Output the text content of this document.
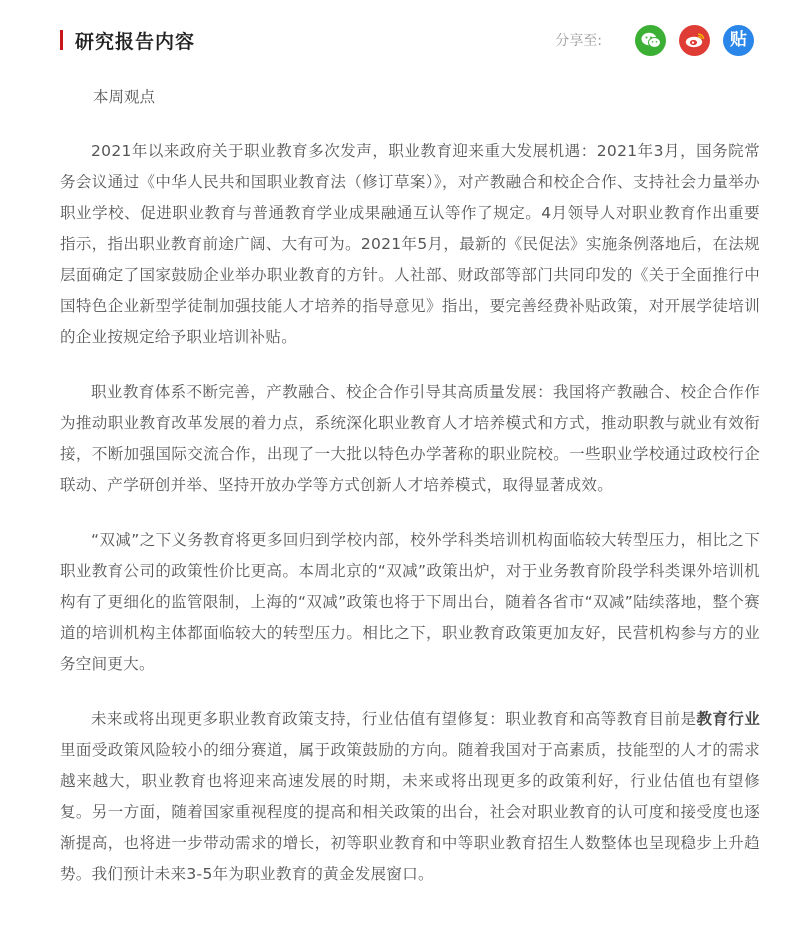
研究报告内容	分享至:	贴

本周观点

2021年以来政府关于职业教育多次发声，职业教育迎来重大发展机遇：2021年3月，国务院常务会议通过《中华人民共和国职业教育法（修订草案）》，对产教融合和校企合作、支持社会力量举办职业学校、促进职业教育与普通教育学业成果融通互认等作了规定。4月领导人对职业教育作出重要指示，指出职业教育前途广阔、大有可为。2021年5月，最新的《民促法》实施条例落地后，在法规层面确定了国家鼓励企业举办职业教育的方针。人社部、财政部等部门共同印发的《关于全面推行中国特色企业新型学徒制加强技能人才培养的指导意见》指出，要完善经费补贴政策，对开展学徒培训的企业按规定给予职业培训补贴。

职业教育体系不断完善，产教融合、校企合作引导其高质量发展：我国将产教融合、校企合作作为推动职业教育改革发展的着力点，系统深化职业教育人才培养模式和方式，推动职教与就业有效衔接，不断加强国际交流合作，出现了一大批以特色办学著称的职业院校。一些职业学校通过政校行企联动、产学研创并举、坚持开放办学等方式创新人才培养模式，取得显著成效。

“双减”之下义务教育将更多回归到学校内部，校外学科类培训机构面临较大转型压力，相比之下职业教育公司的政策性价比更高。本周北京的“双减”政策出炉，对于业务教育阶段学科类课外培训机构有了更细化的监管限制，上海的“双减”政策也将于下周出台，随着各省市“双减”陆续落地，整个赛道的培训机构主体都面临较大的转型压力。相比之下，职业教育政策更加友好，民营机构参与方的业务空间更大。

未来或将出现更多职业教育政策支持，行业估值有望修复：职业教育和高等教育目前是教育行业里面受政策风险较小的细分赛道，属于政策鼓励的方向。随着我国对于高素质，技能型的人才的需求越来越大，职业教育也将迎来高速发展的时期，未来或将出现更多的政策利好，行业估值也有望修复。另一方面，随着国家重视程度的提高和相关政策的出台，社会对职业教育的认可度和接受度也逐渐提高，也将进一步带动需求的增长，初等职业教育和中等职业教育招生人数整体也呈现稳步上升趋势。我们预计未来3-5年为职业教育的黄金发展窗口。
